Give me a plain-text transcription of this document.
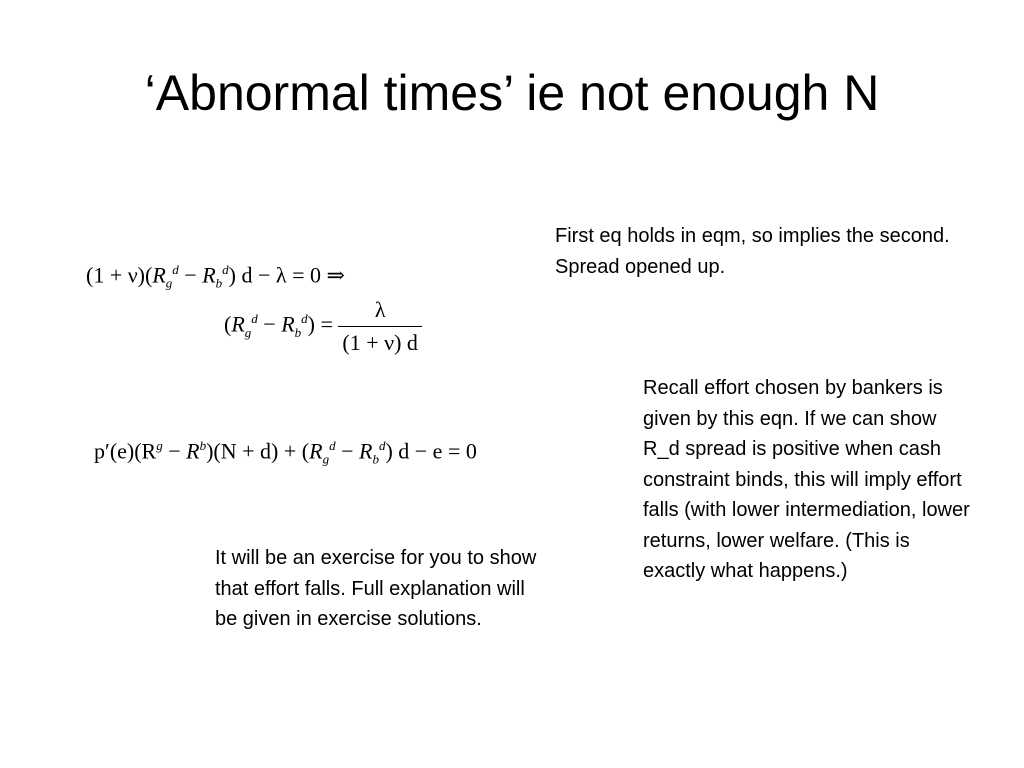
‘Abnormal times’ ie not enough N
$(1 + \nu)(R_g^d - R_b^d)$ d − λ = 0 ⇒
$(R_g^d - R_b^d) = \frac{\lambda}{(1 + \nu) d}$
$p'(e)(R^g - R^b)(N + d) + (R_g^d - R_b^d) d - e = 0$

First eq holds in eqm, so implies the second. Spread opened up.

Recall effort chosen by bankers is given by this eqn. If we can show R_d spread is positive when cash constraint binds, this will imply effort falls (with lower intermediation, lower returns, lower welfare. (This is exactly what happens.)

It will be an exercise for you to show that effort falls. Full explanation will be given in exercise solutions.
